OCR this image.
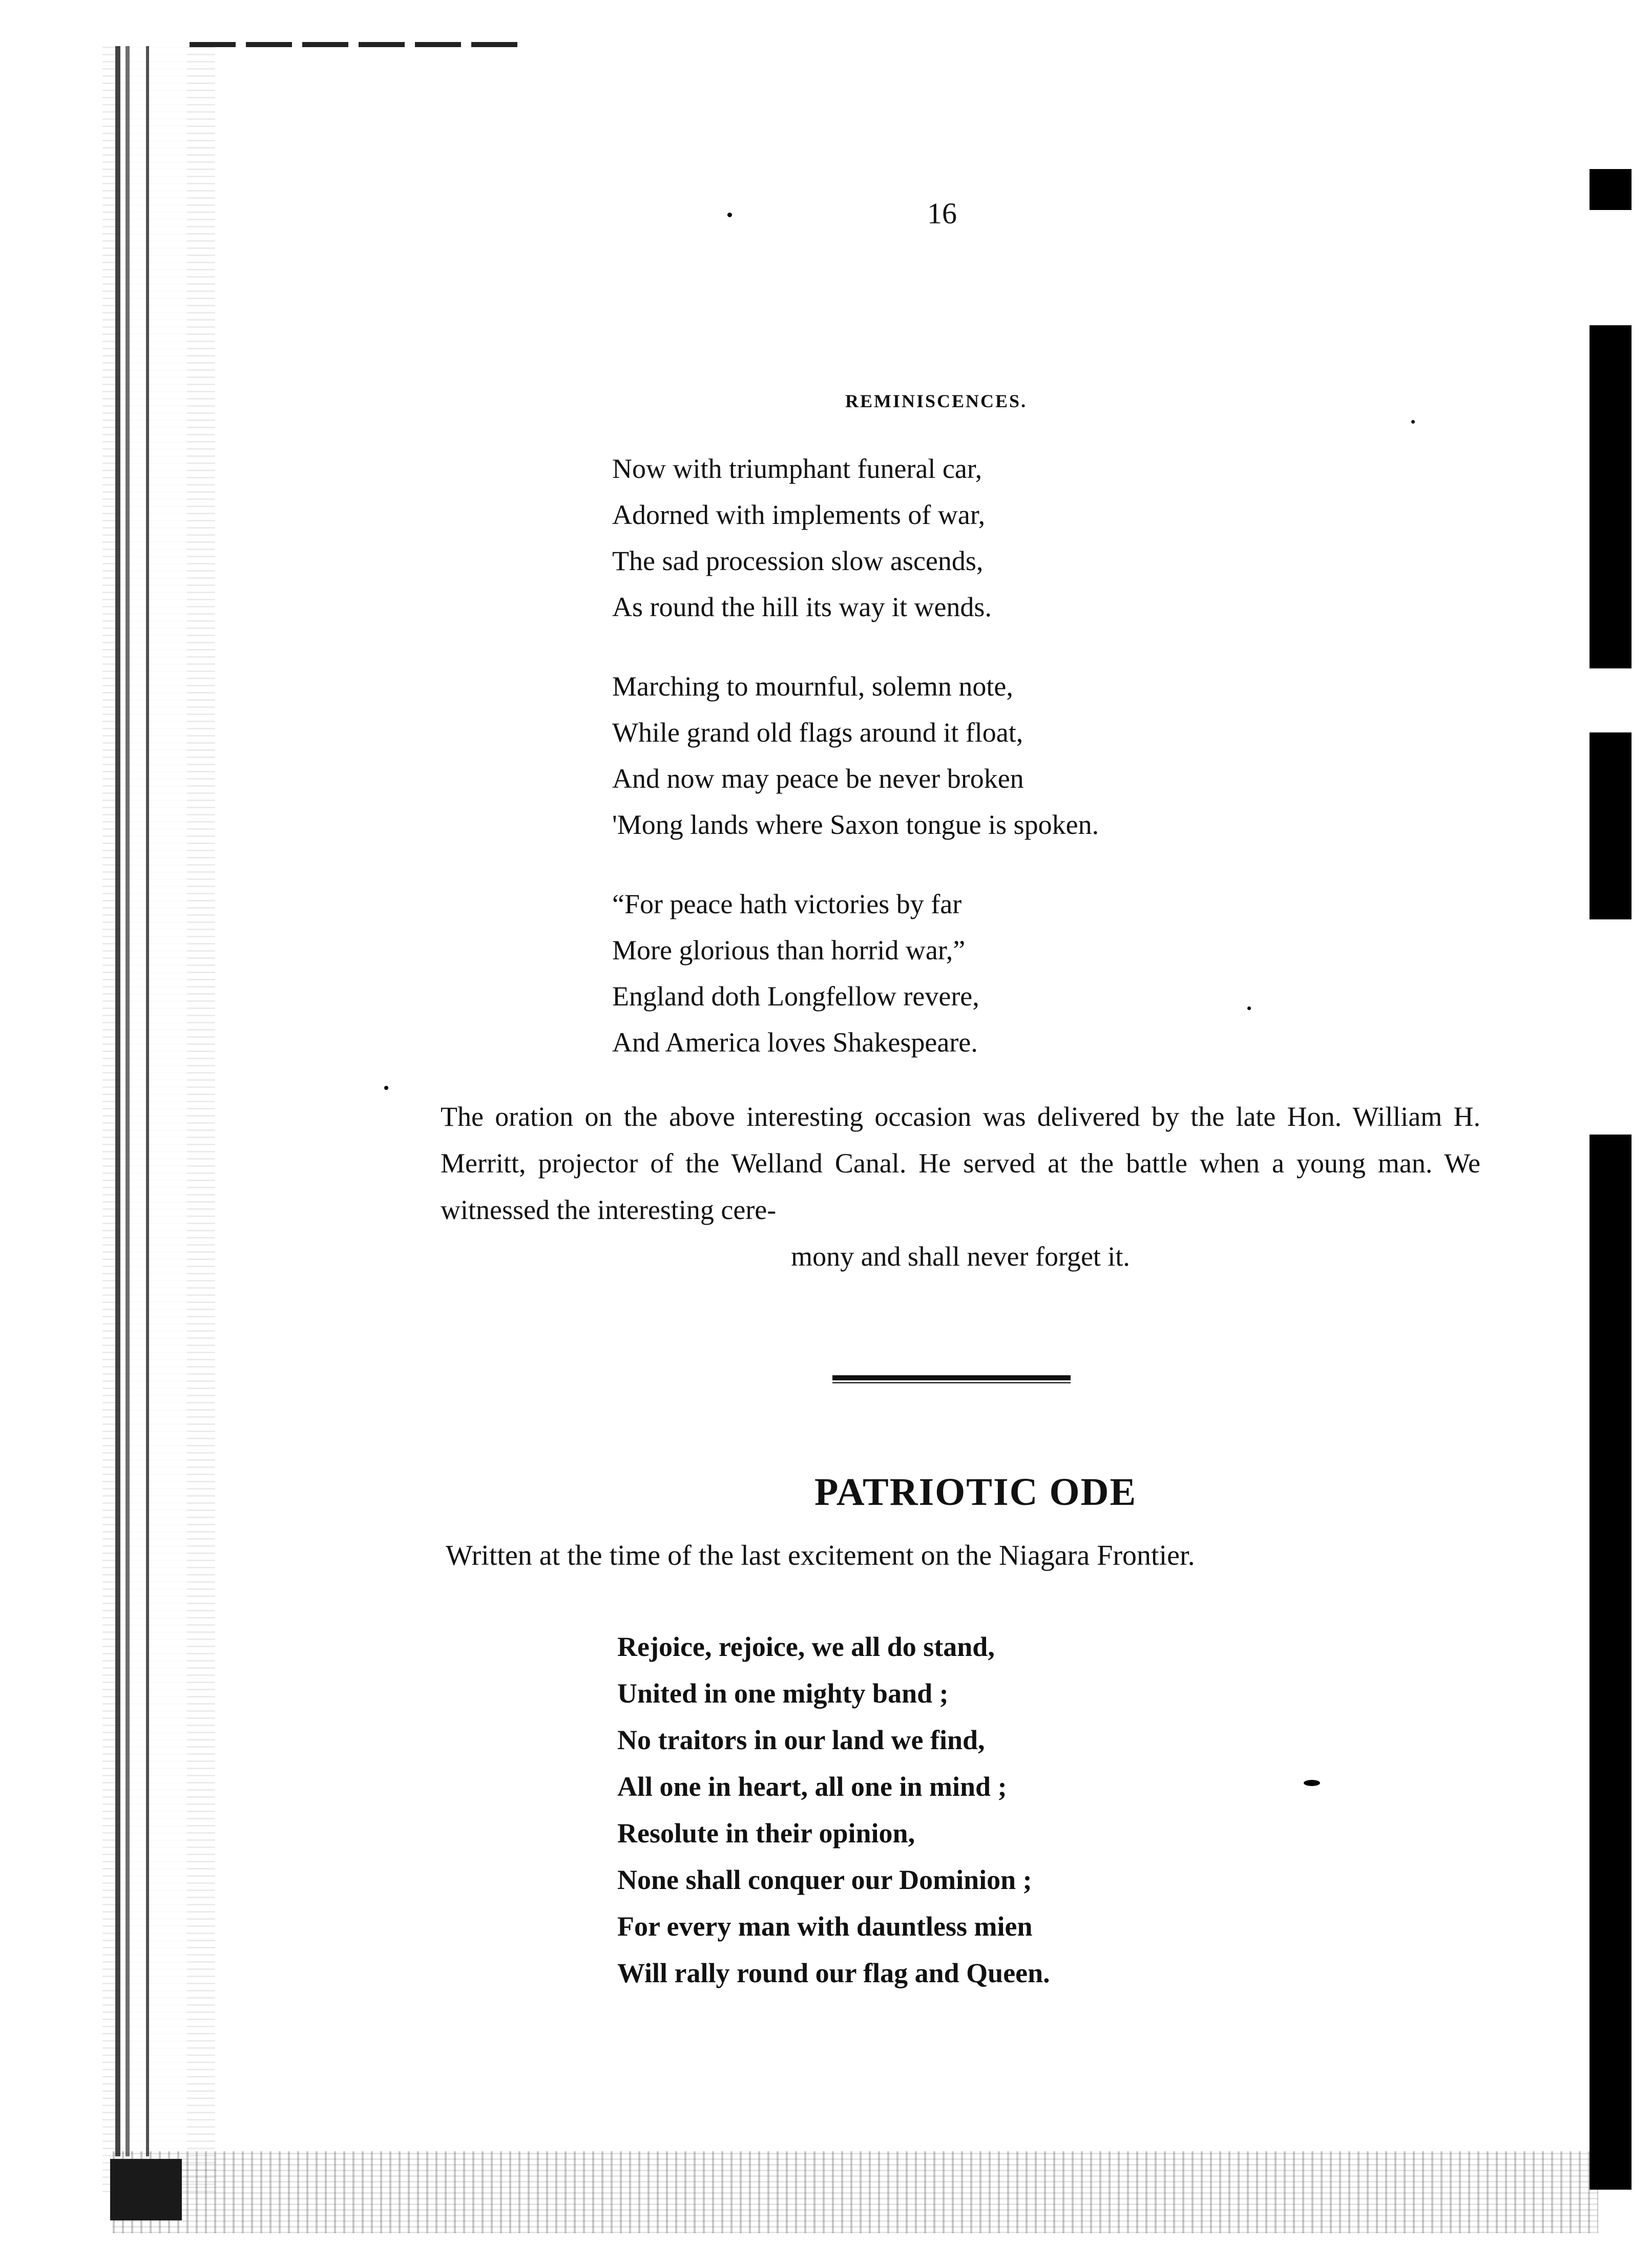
16
REMINISCENCES.
Now with triumphant funeral car,
Adorned with implements of war,
The sad procession slow ascends,
As round the hill its way it wends.
Marching to mournful, solemn note,
While grand old flags around it float,
And now may peace be never broken
'Mong lands where Saxon tongue is spoken.
“For peace hath victories by far
More glorious than horrid war,”
England doth Longfellow revere,
And America loves Shakespeare.
The oration on the above interesting occasion was delivered by the late Hon. William H. Merritt, projector of the Welland Canal. He served at the battle when a young man. We witnessed the interesting cere-
mony and shall never forget it.
PATRIOTIC ODE
Written at the time of the last excitement on the Niagara Frontier.
Rejoice, rejoice, we all do stand,
United in one mighty band ;
No traitors in our land we find,
All one in heart, all one in mind ;
Resolute in their opinion,
None shall conquer our Dominion ;
For every man with dauntless mien
Will rally round our flag and Queen.
